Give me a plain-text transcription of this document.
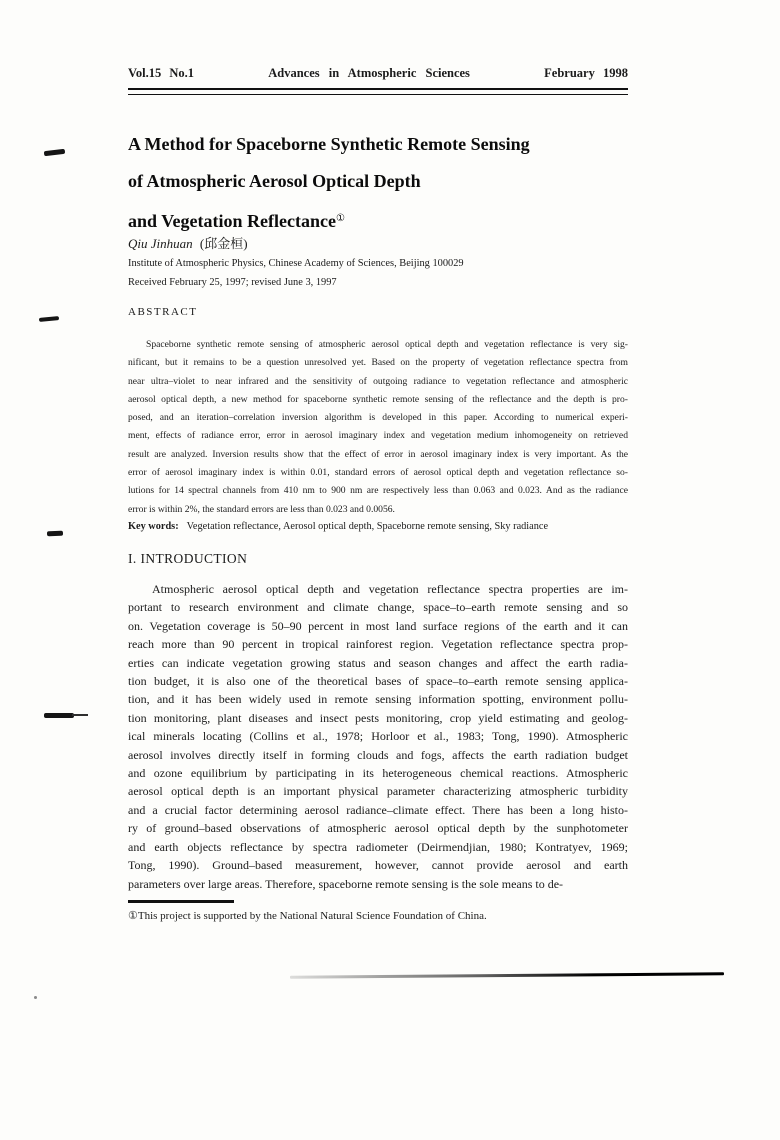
Vol.15 No.1	Advances in Atmospheric Sciences	February 1998
A Method for Spaceborne Synthetic Remote Sensing
of Atmospheric Aerosol Optical Depth
and Vegetation Reflectance①
Qiu Jinhuan (邱金桓)
Institute of Atmospheric Physics, Chinese Academy of Sciences, Beijing 100029
Received February 25, 1997; revised June 3, 1997
ABSTRACT
Spaceborne synthetic remote sensing of atmospheric aerosol optical depth and vegetation reflectance is very sig-
nificant, but it remains to be a question unresolved yet. Based on the property of vegetation reflectance spectra from
near ultra–violet to near infrared and the sensitivity of outgoing radiance to vegetation reflectance and atmospheric
aerosol optical depth, a new method for spaceborne synthetic remote sensing of the reflectance and the depth is pro-
posed, and an iteration–correlation inversion algorithm is developed in this paper. According to numerical experi-
ment, effects of radiance error, error in aerosol imaginary index and vegetation medium inhomogeneity on retrieved
result are analyzed. Inversion results show that the effect of error in aerosol imaginary index is very important. As the
error of aerosol imaginary index is within 0.01, standard errors of aerosol optical depth and vegetation reflectance so-
lutions for 14 spectral channels from 410 nm to 900 nm are respectively less than 0.063 and 0.023. And as the radiance
error is within 2%, the standard errors are less than 0.023 and 0.0056.
Key words: Vegetation reflectance, Aerosol optical depth, Spaceborne remote sensing, Sky radiance
I. INTRODUCTION
Atmospheric aerosol optical depth and vegetation reflectance spectra properties are im-
portant to research environment and climate change, space–to–earth remote sensing and so
on. Vegetation coverage is 50–90 percent in most land surface regions of the earth and it can
reach more than 90 percent in tropical rainforest region. Vegetation reflectance spectra prop-
erties can indicate vegetation growing status and season changes and affect the earth radia-
tion budget, it is also one of the theoretical bases of space–to–earth remote sensing applica-
tion, and it has been widely used in remote sensing information spotting, environment pollu-
tion monitoring, plant diseases and insect pests monitoring, crop yield estimating and geolog-
ical minerals locating (Collins et al., 1978; Horloor et al., 1983; Tong, 1990). Atmospheric
aerosol involves directly itself in forming clouds and fogs, affects the earth radiation budget
and ozone equilibrium by participating in its heterogeneous chemical reactions. Atmospheric
aerosol optical depth is an important physical parameter characterizing atmospheric turbidity
and a crucial factor determining aerosol radiance–climate effect. There has been a long histo-
ry of ground–based observations of atmospheric aerosol optical depth by the sunphotometer
and earth objects reflectance by spectra radiometer (Deirmendjian, 1980; Kontratyev, 1969;
Tong, 1990). Ground–based measurement, however, cannot provide aerosol and earth
parameters over large areas. Therefore, spaceborne remote sensing is the sole means to de-
①This project is supported by the National Natural Science Foundation of China.
